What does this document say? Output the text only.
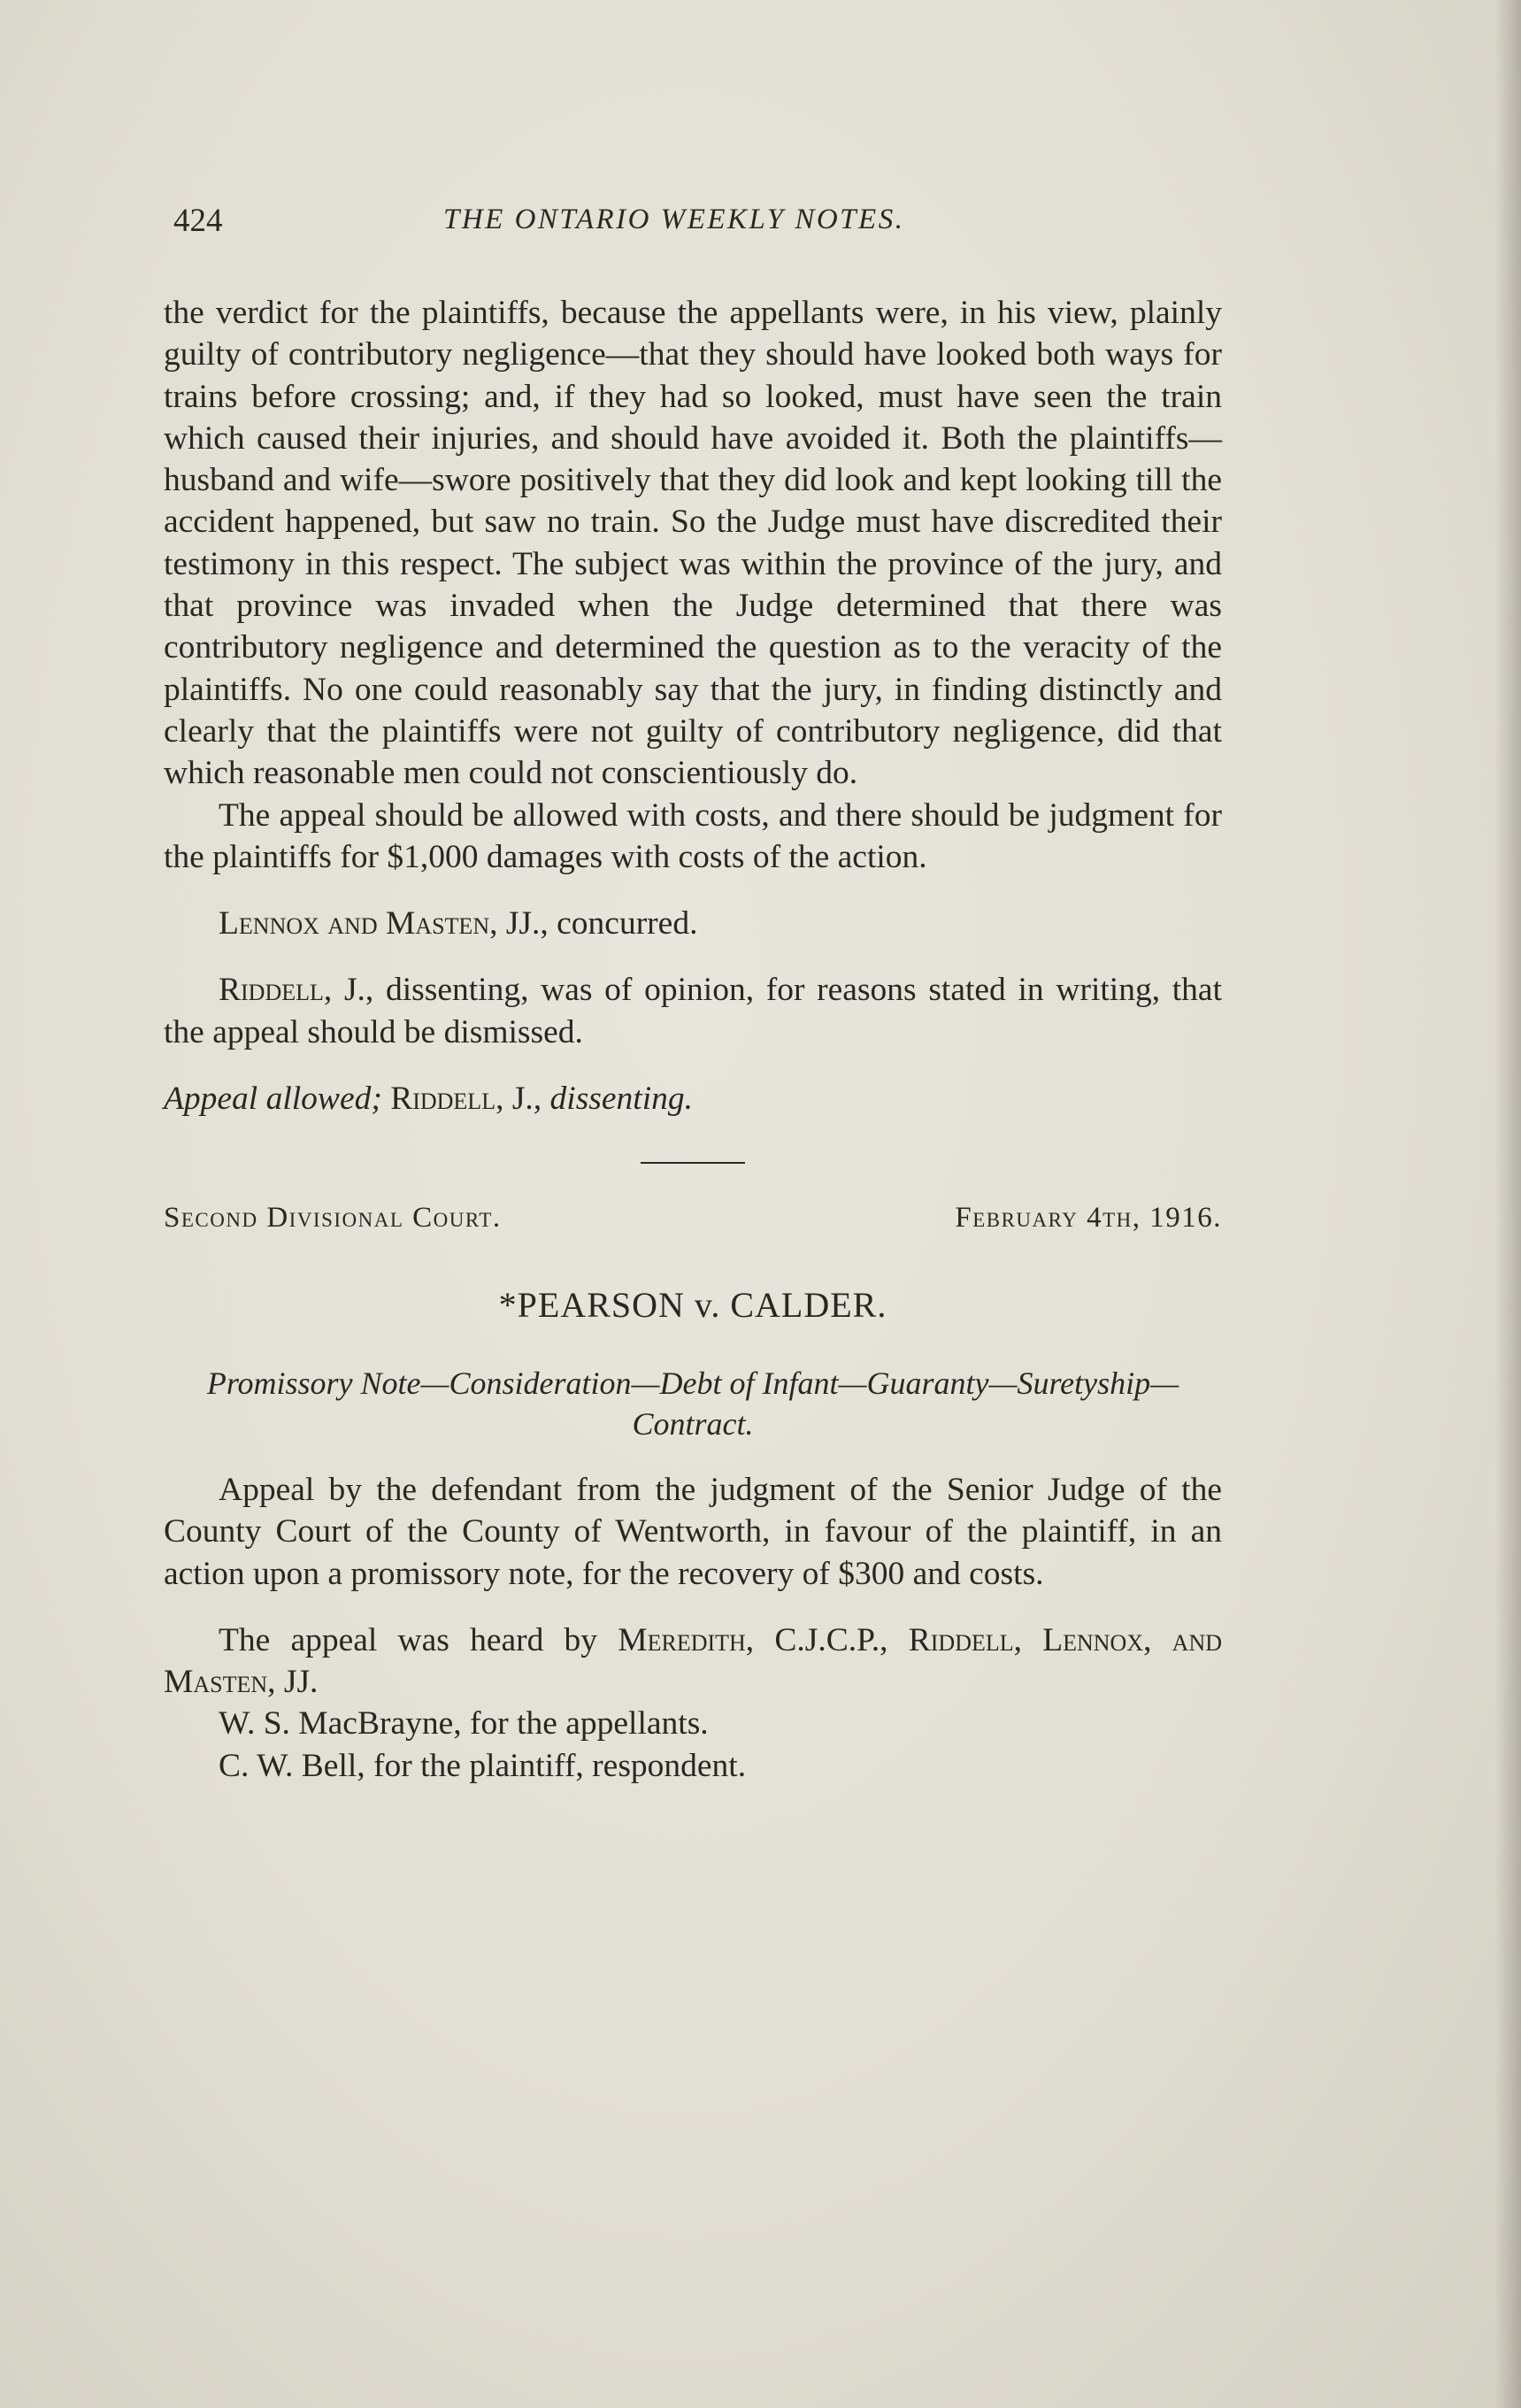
424	THE ONTARIO WEEKLY NOTES.

the verdict for the plaintiffs, because the appellants were, in his view, plainly guilty of contributory negligence—that they should have looked both ways for trains before crossing; and, if they had so looked, must have seen the train which caused their injuries, and should have avoided it. Both the plaintiffs—husband and wife—swore positively that they did look and kept looking till the accident happened, but saw no train. So the Judge must have discredited their testimony in this respect. The subject was within the province of the jury, and that province was invaded when the Judge determined that there was contributory negligence and determined the question as to the veracity of the plaintiffs. No one could reasonably say that the jury, in finding distinctly and clearly that the plaintiffs were not guilty of contributory negligence, did that which reasonable men could not conscientiously do.

The appeal should be allowed with costs, and there should be judgment for the plaintiffs for $1,000 damages with costs of the action.

Lennox and Masten, JJ., concurred.

Riddell, J., dissenting, was of opinion, for reasons stated in writing, that the appeal should be dismissed.

Appeal allowed; Riddell, J., dissenting.

Second Divisional Court.	February 4th, 1916.

*PEARSON v. CALDER.

Promissory Note—Consideration—Debt of Infant—Guaranty—Suretyship—Contract.

Appeal by the defendant from the judgment of the Senior Judge of the County Court of the County of Wentworth, in favour of the plaintiff, in an action upon a promissory note, for the recovery of $300 and costs.

The appeal was heard by Meredith, C.J.C.P., Riddell, Lennox, and Masten, JJ.

W. S. MacBrayne, for the appellants.

C. W. Bell, for the plaintiff, respondent.
